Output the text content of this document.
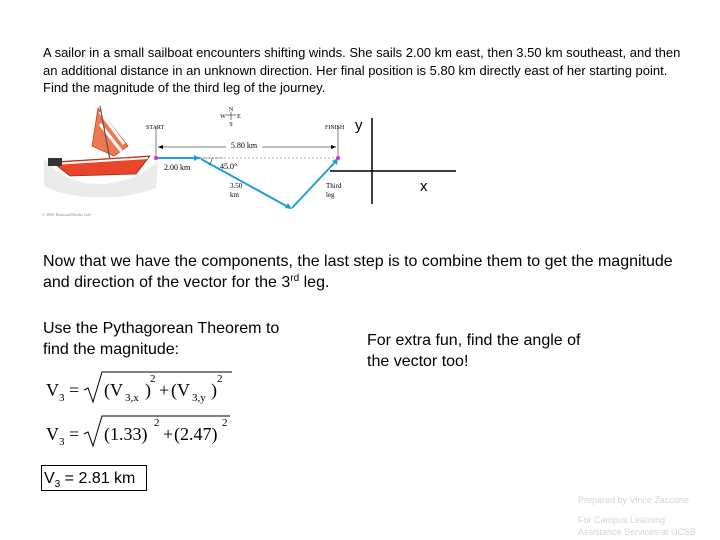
A sailor in a small sailboat encounters shifting winds. She sails 2.00 km east, then 3.50 km southeast, and then an additional distance in an unknown direction. Her final position is 5.80 km directly east of her starting point. Find the magnitude of the third leg of the journey.
© 2004 Thomson/Brooks Cole
N
W E
S
START	FINISH
5.80 km
2.00 km	45.0°
3.50
km
Third
leg
y
x
Now that we have the components, the last step is to combine them to get the magnitude and direction of the vector for the 3rd leg.
Use the Pythagorean Theorem to find the magnitude:
For extra fun, find the angle of the vector too!
V 3 = (V 3,x )
2
+ (V 3,y )
2
V 3 = (1.33)
2
+ (2.47)
2
$V_3 = 2.81$ km
Prepared by Vince Zaccone
For Campus Learning
Assistance Services at UCSB
